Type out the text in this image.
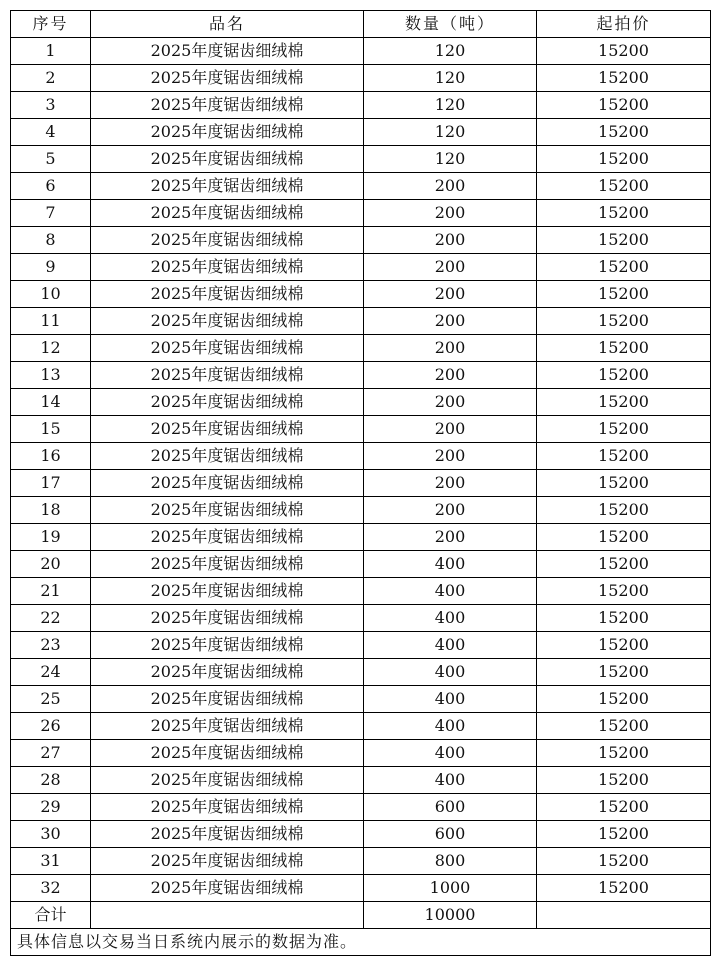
序号	品名	数量（吨）	起拍价
1	2025年度锯齿细绒棉	120	15200
2	2025年度锯齿细绒棉	120	15200
3	2025年度锯齿细绒棉	120	15200
4	2025年度锯齿细绒棉	120	15200
5	2025年度锯齿细绒棉	120	15200
6	2025年度锯齿细绒棉	200	15200
7	2025年度锯齿细绒棉	200	15200
8	2025年度锯齿细绒棉	200	15200
9	2025年度锯齿细绒棉	200	15200
10	2025年度锯齿细绒棉	200	15200
11	2025年度锯齿细绒棉	200	15200
12	2025年度锯齿细绒棉	200	15200
13	2025年度锯齿细绒棉	200	15200
14	2025年度锯齿细绒棉	200	15200
15	2025年度锯齿细绒棉	200	15200
16	2025年度锯齿细绒棉	200	15200
17	2025年度锯齿细绒棉	200	15200
18	2025年度锯齿细绒棉	200	15200
19	2025年度锯齿细绒棉	200	15200
20	2025年度锯齿细绒棉	400	15200
21	2025年度锯齿细绒棉	400	15200
22	2025年度锯齿细绒棉	400	15200
23	2025年度锯齿细绒棉	400	15200
24	2025年度锯齿细绒棉	400	15200
25	2025年度锯齿细绒棉	400	15200
26	2025年度锯齿细绒棉	400	15200
27	2025年度锯齿细绒棉	400	15200
28	2025年度锯齿细绒棉	400	15200
29	2025年度锯齿细绒棉	600	15200
30	2025年度锯齿细绒棉	600	15200
31	2025年度锯齿细绒棉	800	15200
32	2025年度锯齿细绒棉	1000	15200
合计		10000	
具体信息以交易当日系统内展示的数据为准。			
